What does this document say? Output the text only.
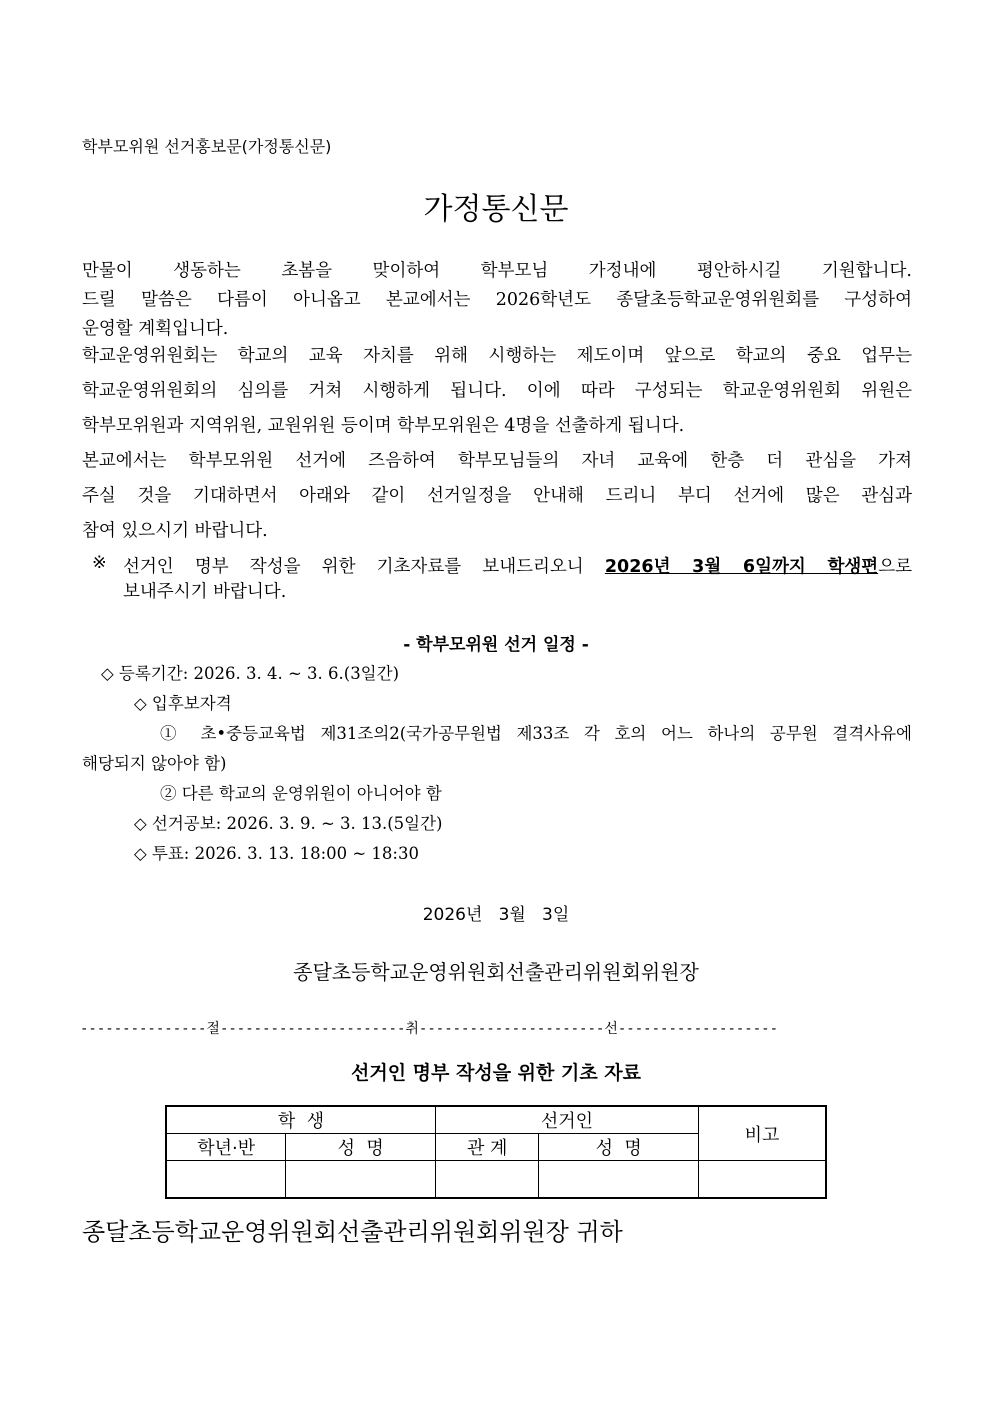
학부모위원 선거홍보문(가정통신문)
가정통신문
만물이 생동하는 초봄을 맞이하여 학부모님 가정내에 평안하시길 기원합니다.
드릴 말씀은 다름이 아니옵고 본교에서는 2026학년도 종달초등학교운영위원회를 구성하여
운영할 계획입니다.
학교운영위원회는 학교의 교육 자치를 위해 시행하는 제도이며 앞으로 학교의 중요 업무는
학교운영위원회의 심의를 거쳐 시행하게 됩니다. 이에 따라 구성되는 학교운영위원회 위원은
학부모위원과 지역위원, 교원위원 등이며 학부모위원은 4명을 선출하게 됩니다.
본교에서는 학부모위원 선거에 즈음하여 학부모님들의 자녀 교육에 한층 더 관심을 가져
주실 것을 기대하면서 아래와 같이 선거일정을 안내해 드리니 부디 선거에 많은 관심과
참여 있으시기 바랍니다.
※ 선거인 명부 작성을 위한 기초자료를 보내드리오니 2026년 3월 6일까지 학생편으로
보내주시기 바랍니다.
- 학부모위원 선거 일정 -
◇ 등록기간: 2026. 3. 4. ~ 3. 6.(3일간)
◇ 입후보자격
① 초•중등교육법 제31조의2(국가공무원법 제33조 각 호의 어느 하나의 공무원 결격사유에
해당되지 않아야 함)
② 다른 학교의 운영위원이 아니어야 함
◇ 선거공보: 2026. 3. 9. ~ 3. 13.(5일간)
◇ 투표: 2026. 3. 13. 18:00 ~ 18:30
2026년   3월   3일
종달초등학교운영위원회선출관리위원회위원장
---------------절----------------------취----------------------선-------------------
선거인 명부 작성을 위한 기초 자료
학  생		선거인		비고
학년·반	성  명	관 계	성  명	

종달초등학교운영위원회선출관리위원회위원장 귀하
